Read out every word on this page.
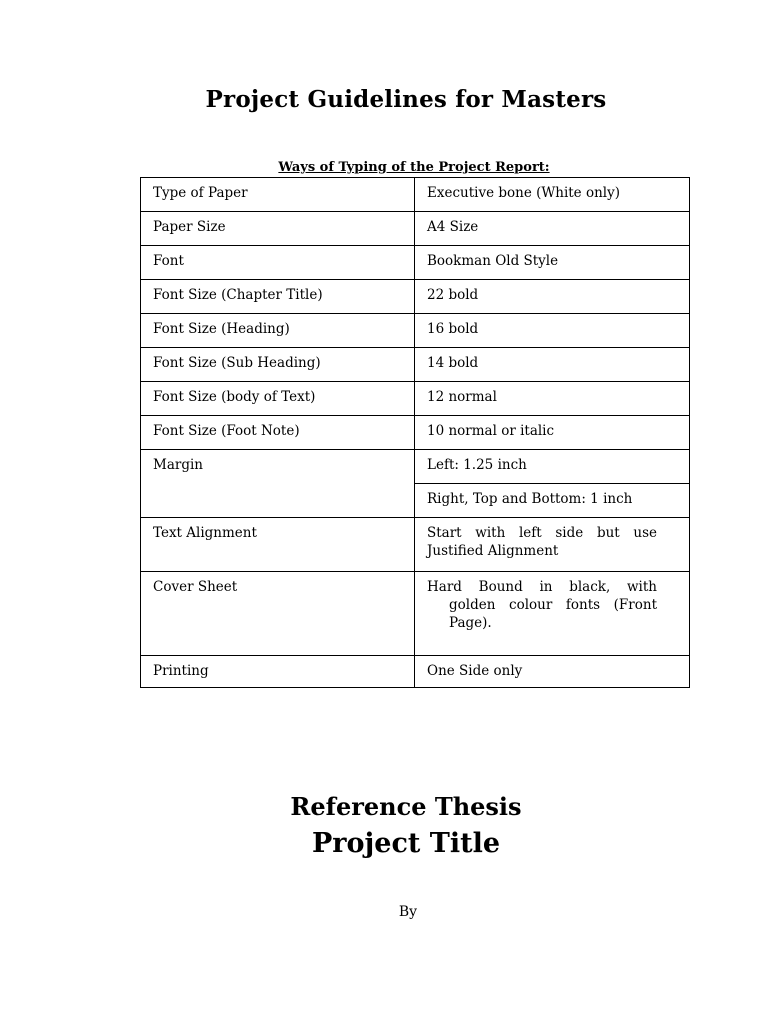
Project Guidelines for Masters
Ways of Typing of the Project Report:
Type of Paper	Executive bone (White only)
Paper Size	A4 Size
Font	Bookman Old Style
Font Size (Chapter Title)	22 bold
Font Size (Heading)	16 bold
Font Size (Sub Heading)	14 bold
Font Size (body of Text)	12 normal
Font Size (Foot Note)	10 normal or italic
Margin	Left: 1.25 inch
	Right, Top and Bottom: 1 inch
Text Alignment	Start with left side but use Justified Alignment
Cover Sheet	Hard Bound in black, with golden colour fonts (Front Page).

Printing	One Side only
Reference Thesis
Project Title
By
